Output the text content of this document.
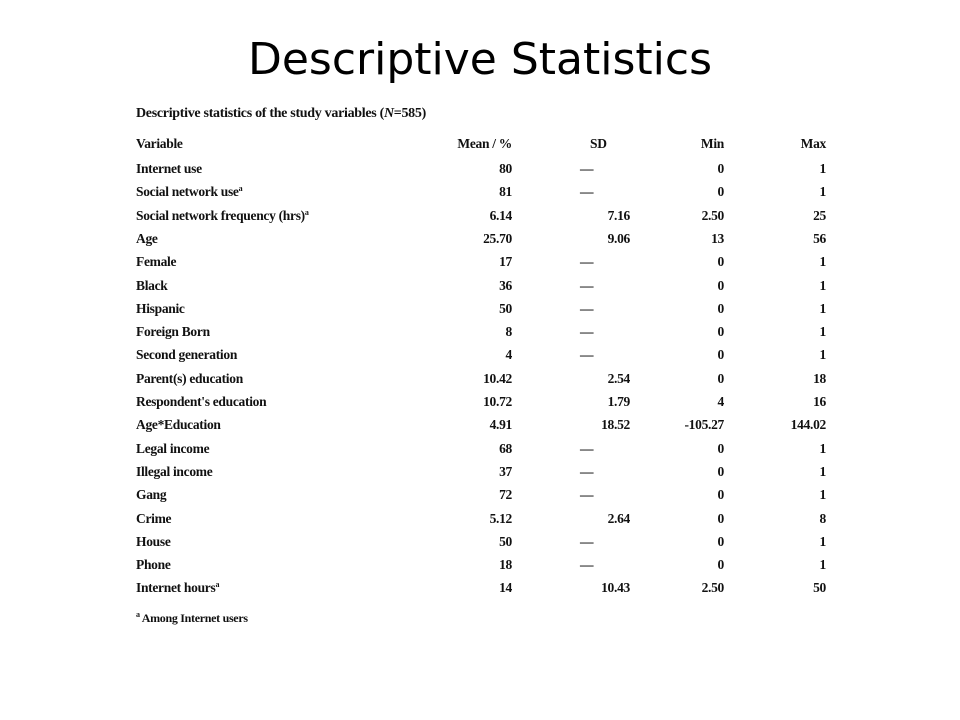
Descriptive Statistics
Descriptive statistics of the study variables (N=585)
Variable	Mean / %	SD	Min	Max
Internet use	80	—	0	1
Social network use$^a$	81	—	0	1
Social network frequency (hrs)$^a$	6.14	7.16	2.50	25
Age	25.70	9.06	13	56
Female	17	—	0	1
Black	36	—	0	1
Hispanic	50	—	0	1
Foreign Born	8	—	0	1
Second generation	4	—	0	1
Parent(s) education	10.42	2.54	0	18
Respondent's education	10.72	1.79	4	16
Age*Education	4.91	18.52	-105.27	144.02
Legal income	68	—	0	1
Illegal income	37	—	0	1
Gang	72	—	0	1
Crime	5.12	2.64	0	8
House	50	—	0	1
Phone	18	—	0	1
Internet hours$^a$	14	10.43	2.50	50
$^a$ Among Internet users
